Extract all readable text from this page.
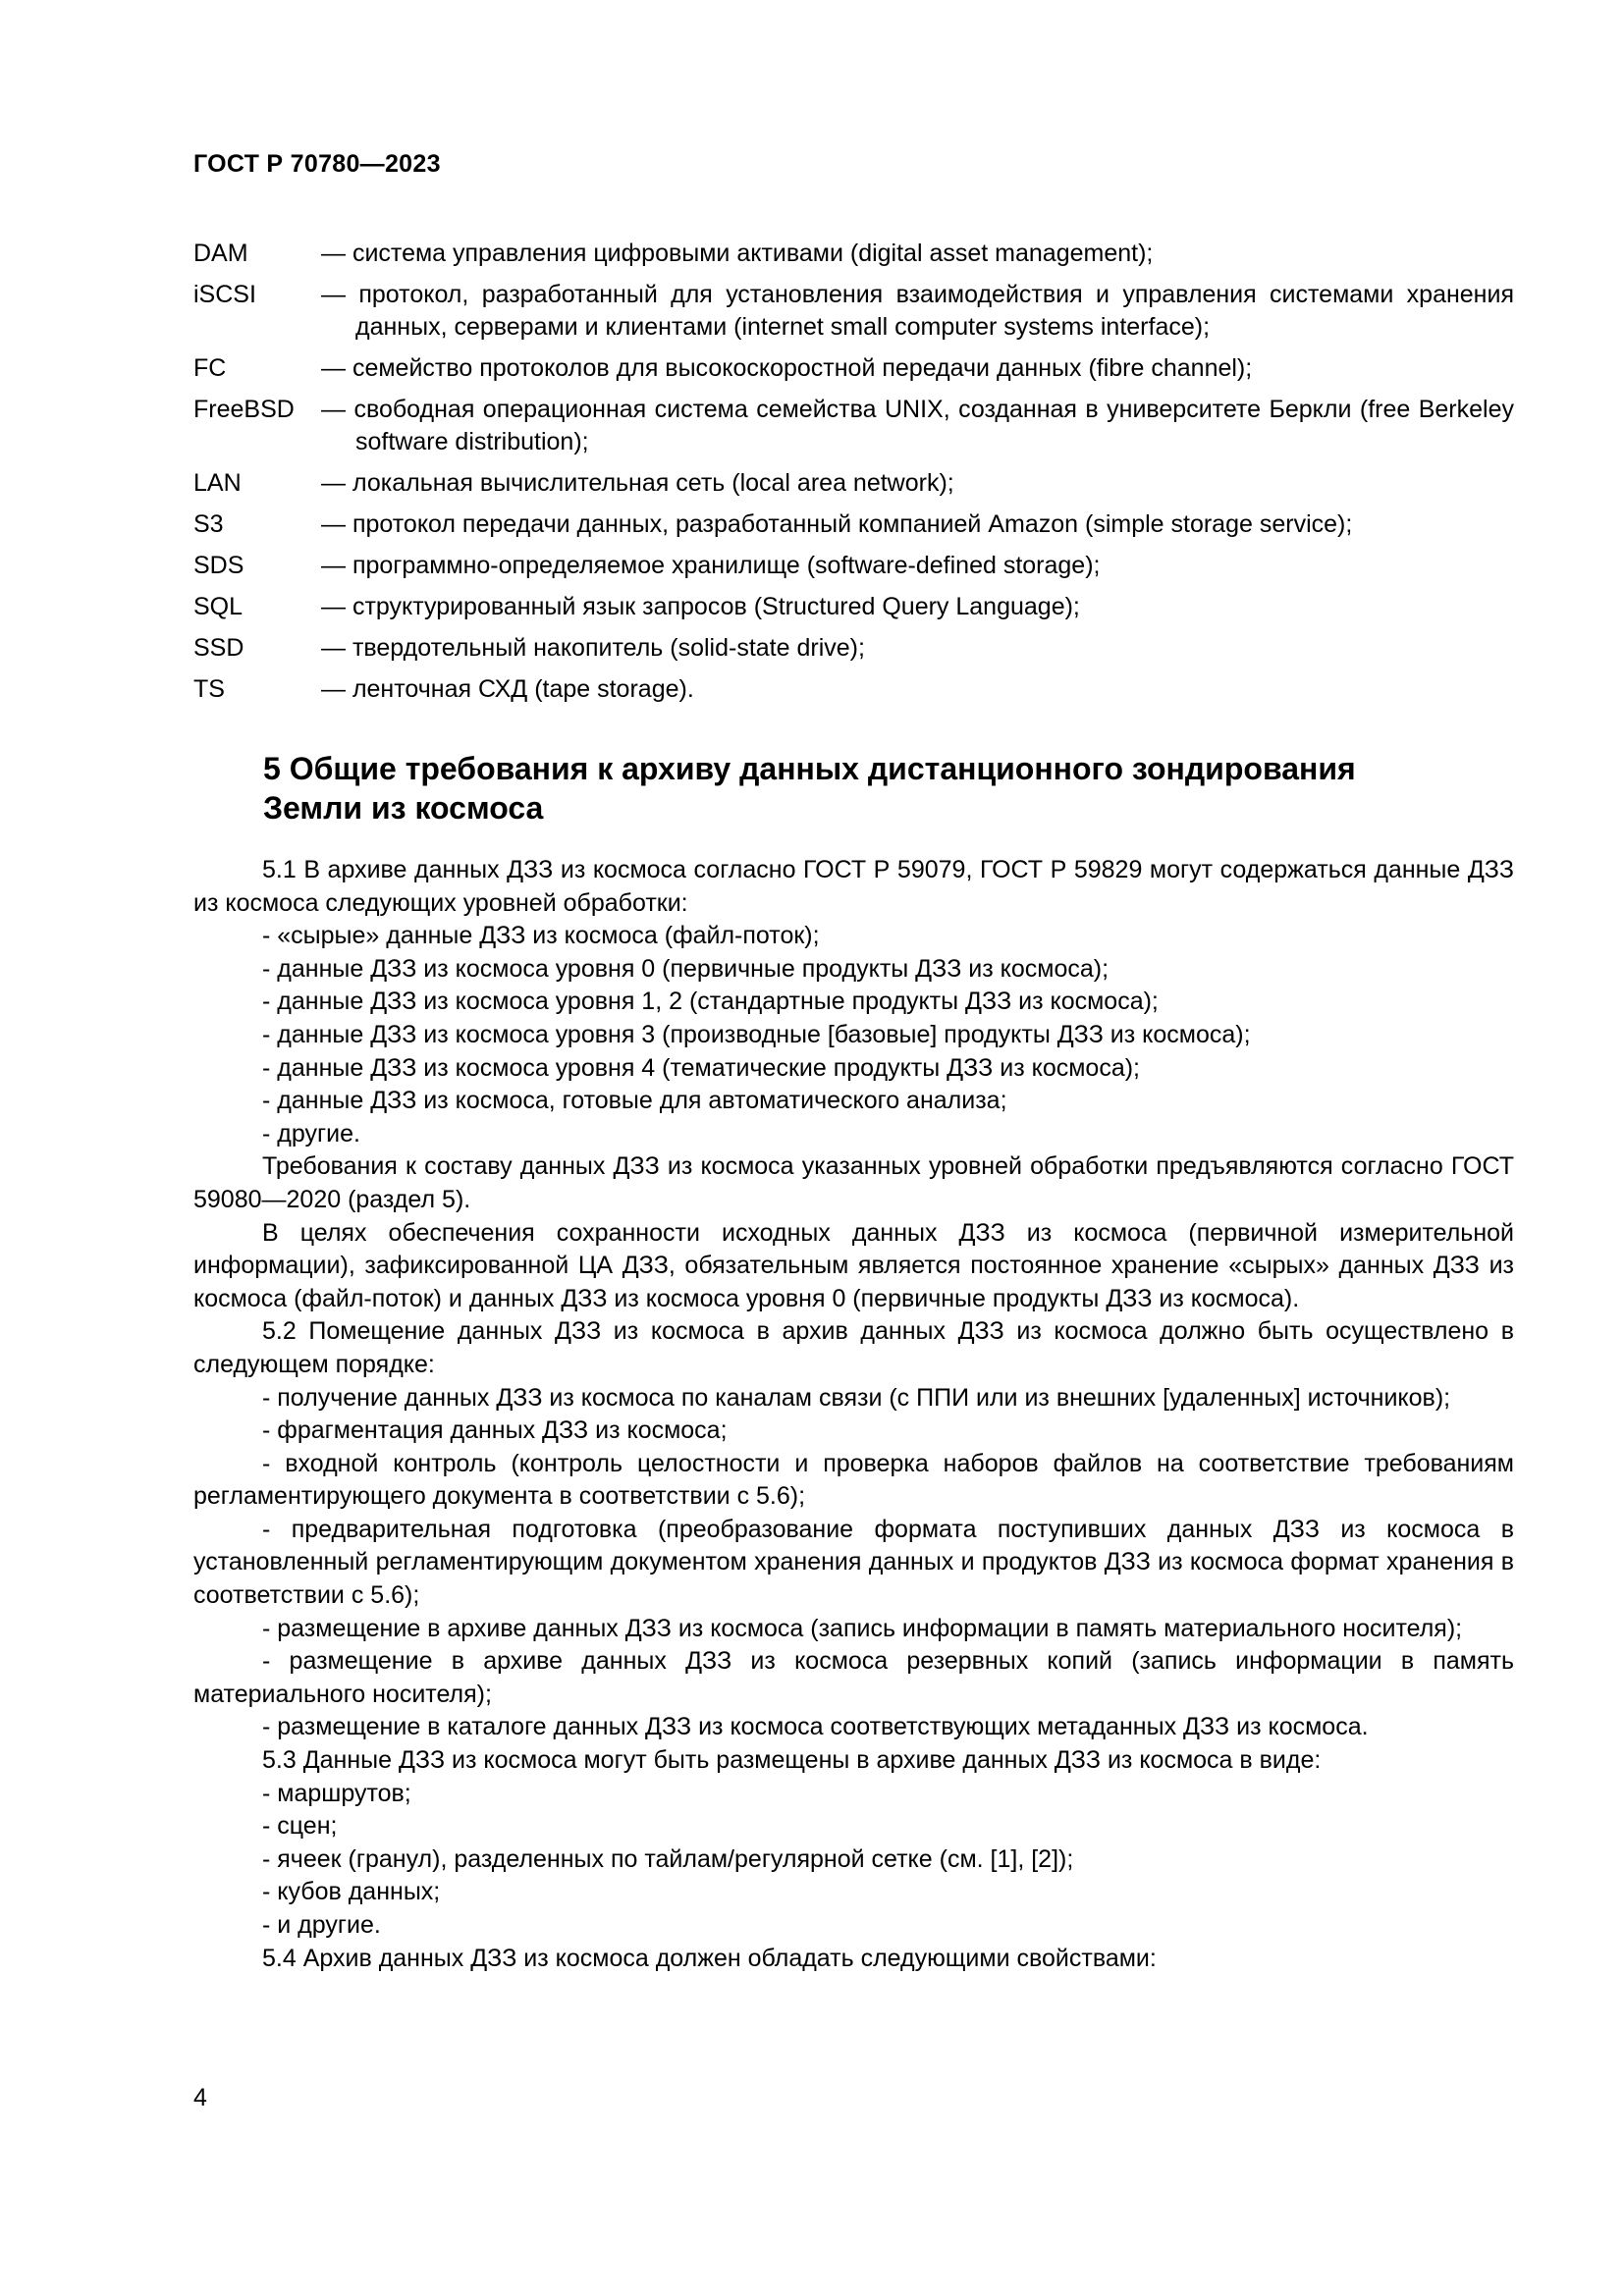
ГОСТ Р 70780—2023
DAM	— система управления цифровыми активами (digital asset management);
iSCSI	— протокол, разработанный для установления взаимодействия и управления системами хранения данных, серверами и клиентами (internet small computer systems interface);
FC	— семейство протоколов для высокоскоростной передачи данных (fibre channel);
FreeBSD	— свободная операционная система семейства UNIX, созданная в университете Беркли (free Berkeley software distribution);
LAN	— локальная вычислительная сеть (local area network);
S3	— протокол передачи данных, разработанный компанией Amazon (simple storage service);
SDS	— программно-определяемое хранилище (software-defined storage);
SQL	— структурированный язык запросов (Structured Query Language);
SSD	— твердотельный накопитель (solid-state drive);
TS	— ленточная СХД (tape storage).
5 Общие требования к архиву данных дистанционного зондирования Земли из космоса

5.1 В архиве данных ДЗЗ из космоса согласно ГОСТ Р 59079, ГОСТ Р 59829 могут содержаться данные ДЗЗ из космоса следующих уровней обработки:

- «сырые» данные ДЗЗ из космоса (файл-поток);

- данные ДЗЗ из космоса уровня 0 (первичные продукты ДЗЗ из космоса);

- данные ДЗЗ из космоса уровня 1, 2 (стандартные продукты ДЗЗ из космоса);

- данные ДЗЗ из космоса уровня 3 (производные [базовые] продукты ДЗЗ из космоса);

- данные ДЗЗ из космоса уровня 4 (тематические продукты ДЗЗ из космоса);

- данные ДЗЗ из космоса, готовые для автоматического анализа;

- другие.

Требования к составу данных ДЗЗ из космоса указанных уровней обработки предъявляются согласно ГОСТ 59080—2020 (раздел 5).

В целях обеспечения сохранности исходных данных ДЗЗ из космоса (первичной измерительной информации), зафиксированной ЦА ДЗЗ, обязательным является постоянное хранение «сырых» данных ДЗЗ из космоса (файл-поток) и данных ДЗЗ из космоса уровня 0 (первичные продукты ДЗЗ из космоса).

5.2 Помещение данных ДЗЗ из космоса в архив данных ДЗЗ из космоса должно быть осуществлено в следующем порядке:

- получение данных ДЗЗ из космоса по каналам связи (с ППИ или из внешних [удаленных] источников);

- фрагментация данных ДЗЗ из космоса;

- входной контроль (контроль целостности и проверка наборов файлов на соответствие требованиям регламентирующего документа в соответствии с 5.6);

- предварительная подготовка (преобразование формата поступивших данных ДЗЗ из космоса в установленный регламентирующим документом хранения данных и продуктов ДЗЗ из космоса формат хранения в соответствии с 5.6);

- размещение в архиве данных ДЗЗ из космоса (запись информации в память материального носителя);

- размещение в архиве данных ДЗЗ из космоса резервных копий (запись информации в память материального носителя);

- размещение в каталоге данных ДЗЗ из космоса соответствующих метаданных ДЗЗ из космоса.

5.3 Данные ДЗЗ из космоса могут быть размещены в архиве данных ДЗЗ из космоса в виде:

- маршрутов;

- сцен;

- ячеек (гранул), разделенных по тайлам/регулярной сетке (см. [1], [2]);

- кубов данных;

- и другие.

5.4 Архив данных ДЗЗ из космоса должен обладать следующими свойствами:

4
